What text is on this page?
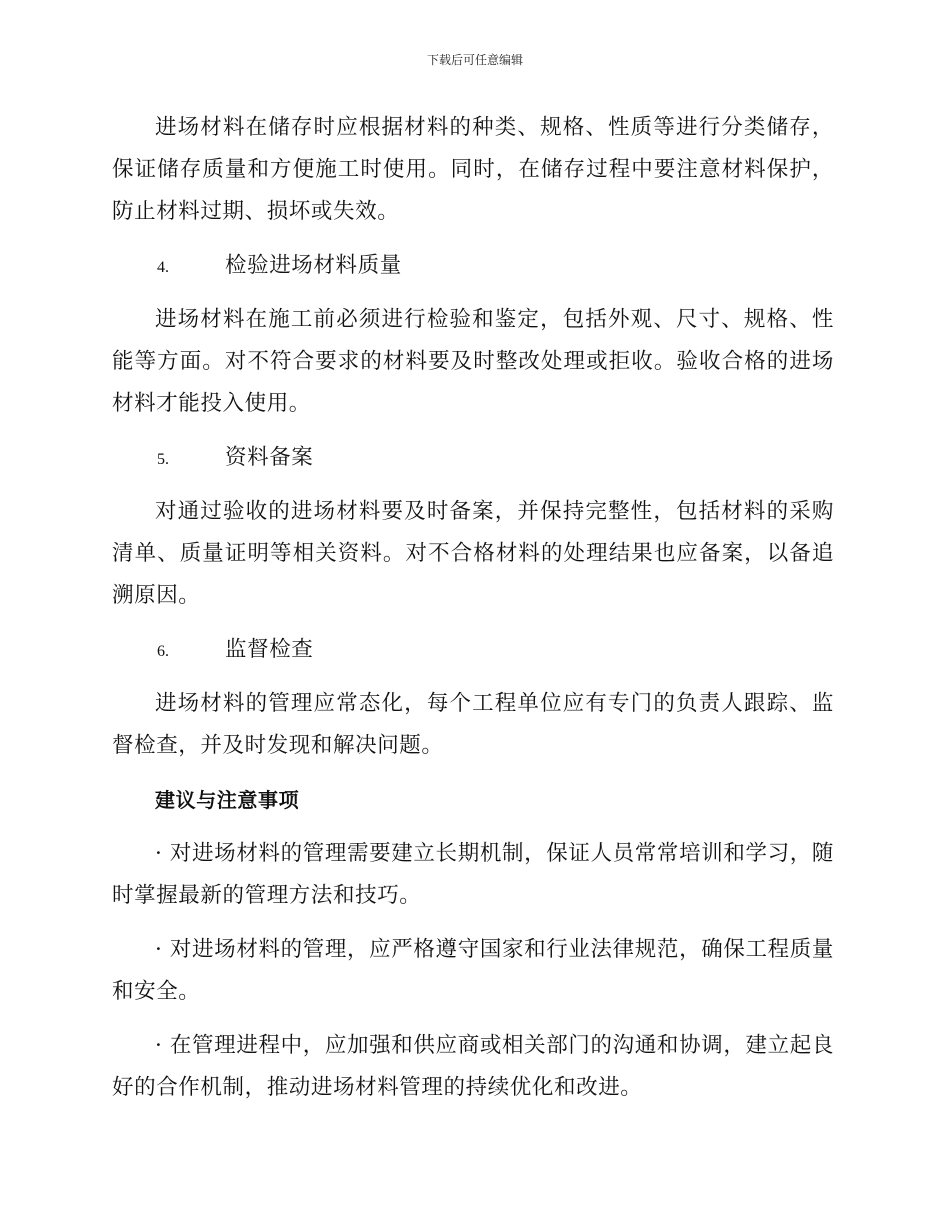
下载后可任意编辑

进场材料在储存时应根据材料的种类、规格、性质等进行分类储存，保证储存质量和方便施工时使用。同时，在储存过程中要注意材料保护，防止材料过期、损坏或失效。

4.	检验进场材料质量

进场材料在施工前必须进行检验和鉴定，包括外观、尺寸、规格、性能等方面。对不符合要求的材料要及时整改处理或拒收。验收合格的进场材料才能投入使用。

5.	资料备案

对通过验收的进场材料要及时备案，并保持完整性，包括材料的采购清单、质量证明等相关资料。对不合格材料的处理结果也应备案，以备追溯原因。

6.	监督检查

进场材料的管理应常态化，每个工程单位应有专门的负责人跟踪、监督检查，并及时发现和解决问题。

建议与注意事项

· 对进场材料的管理需要建立长期机制，保证人员常常培训和学习，随时掌握最新的管理方法和技巧。

· 对进场材料的管理，应严格遵守国家和行业法律规范，确保工程质量和安全。

· 在管理进程中，应加强和供应商或相关部门的沟通和协调，建立起良好的合作机制，推动进场材料管理的持续优化和改进。
